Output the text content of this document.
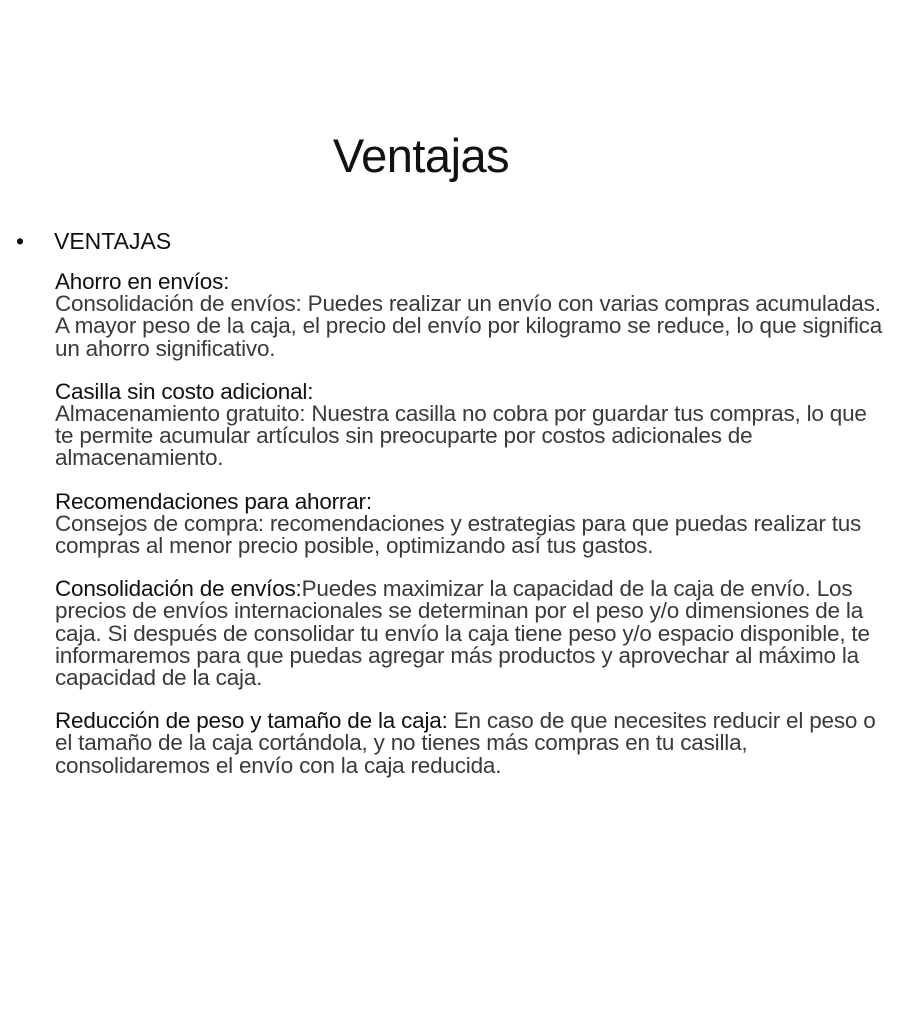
Ventajas
• VENTAJAS

Ahorro en envíos:
Consolidación de envíos: Puedes realizar un envío con varias compras acumuladas. A mayor peso de la caja, el precio del envío por kilogramo se reduce, lo que significa un ahorro significativo.

Casilla sin costo adicional:
Almacenamiento gratuito: Nuestra casilla no cobra por guardar tus compras, lo que te permite acumular artículos sin preocuparte por costos adicionales de almacenamiento.

Recomendaciones para ahorrar:
Consejos de compra: recomendaciones y estrategias para que puedas realizar tus compras al menor precio posible, optimizando así tus gastos.

Consolidación de envíos:Puedes maximizar la capacidad de la caja de envío. Los precios de envíos internacionales se determinan por el peso y/o dimensiones de la caja. Si después de consolidar tu envío la caja tiene peso y/o espacio disponible, te informaremos para que puedas agregar más productos y aprovechar al máximo la capacidad de la caja.

Reducción de peso y tamaño de la caja: En caso de que necesites reducir el peso o el tamaño de la caja cortándola, y no tienes más compras en tu casilla, consolidaremos el envío con la caja reducida.
